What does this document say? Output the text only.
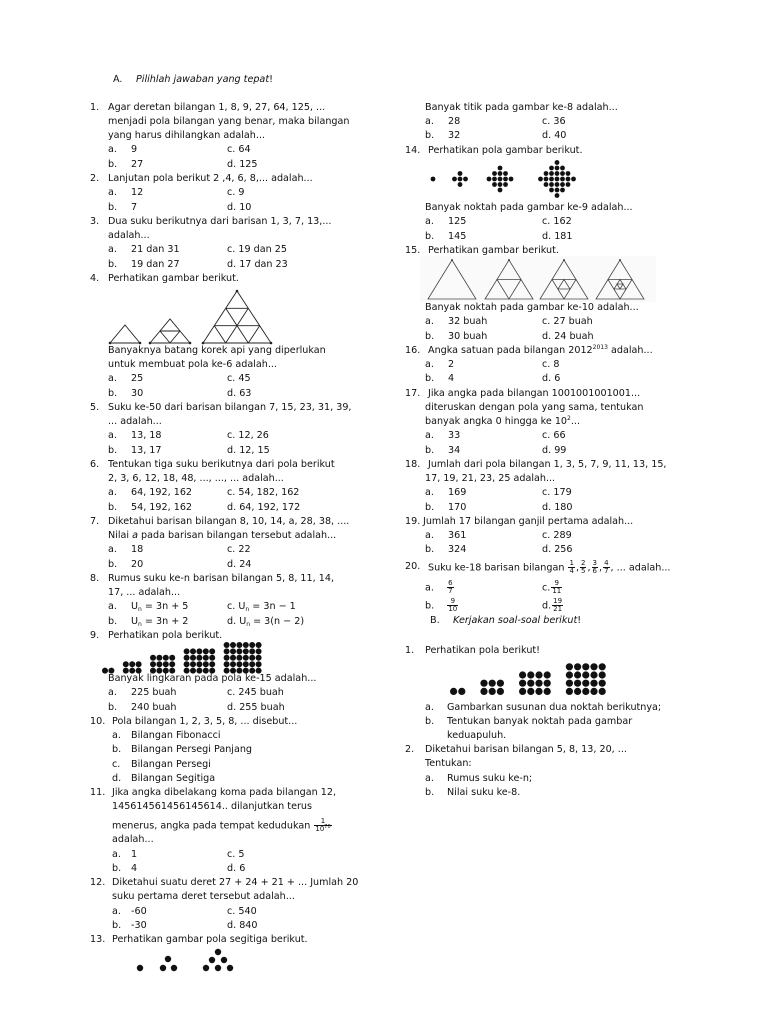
A. Pilihlah jawaban yang tepat!
1. Agar deretan bilangan 1, 8, 9, 27, 64, 125, ...
menjadi pola bilangan yang benar, maka bilangan
yang harus dihilangkan adalah...
a. 9	c. 64
b. 27	d. 125
2. Lanjutan pola berikut 2 ,4, 6, 8,... adalah...
a. 12	c. 9
b. 7	d. 10
3. Dua suku berikutnya dari barisan 1, 3, 7, 13,...
adalah...
a. 21 dan 31	c. 19 dan 25
b. 19 dan 27	d. 17 dan 23
4. Perhatikan gambar berikut.
Banyaknya batang korek api yang diperlukan
untuk membuat pola ke-6 adalah...
a. 25	c. 45
b. 30	d. 63
5. Suku ke-50 dari barisan bilangan 7, 15, 23, 31, 39,
... adalah...
a. 13, 18	c. 12, 26
b. 13, 17	d. 12, 15
6. Tentukan tiga suku berikutnya dari pola berikut
2, 3, 6, 12, 18, 48, ..., ..., ... adalah...
a. 64, 192, 162	c. 54, 182, 162
b. 54, 192, 162	d. 64, 192, 172
7. Diketahui barisan bilangan 8, 10, 14, a, 28, 38, ....
Nilai a pada barisan bilangan tersebut adalah...
a. 18	c. 22
b. 20	d. 24
8. Rumus suku ke-n barisan bilangan 5, 8, 11, 14,
17, ... adalah...
a. $U_n = 3n + 5$	c. $U_n = 3n - 1$
b. $U_n = 3n + 2$	d. $U_n = 3(n - 2)$
9. Perhatikan pola berikut.
Banyak lingkaran pada pola ke-15 adalah...
a. 225 buah	c. 245 buah
b. 240 buah	d. 255 buah
10. Pola bilangan 1, 2, 3, 5, 8, ... disebut...
a. Bilangan Fibonacci
b. Bilangan Persegi Panjang
c. Bilangan Persegi
d. Bilangan Segitiga
11. Jika angka dibelakang koma pada bilangan 12,
145614561456145614.. dilanjutkan terus
menerus, angka pada tempat kedudukan $\frac{1}{10^{70}}$
adalah...
a. 1	c. 5
b. 4	d. 6
12. Diketahui suatu deret 27 + 24 + 21 + ... Jumlah 20
suku pertama deret tersebut adalah...
a. -60	c. 540
b. -30	d. 840
13. Perhatikan gambar pola segitiga berikut.
Banyak titik pada gambar ke-8 adalah...
a. 28	c. 36
b. 32	d. 40
14. Perhatikan pola gambar berikut.
Banyak noktah pada gambar ke-9 adalah...
a. 125	c. 162
b. 145	d. 181
15. Perhatikan gambar berikut.
Banyak noktah pada gambar ke-10 adalah...
a. 32 buah	c. 27 buah
b. 30 buah	d. 24 buah
16. Angka satuan pada bilangan $2012^{2013}$ adalah...
a. 2	c. 8
b. 4	d. 6
17. Jika angka pada bilangan 1001001001001...
diteruskan dengan pola yang sama, tentukan
banyak angka 0 hingga ke $10^2$...
a. 33	c. 66
b. 34	d. 99
18. Jumlah dari pola bilangan 1, 3, 5, 7, 9, 11, 13, 15,
17, 19, 21, 23, 25 adalah...
a. 169	c. 179
b. 170	d. 180
19. Jumlah 17 bilangan ganjil pertama adalah...
a. 361	c. 289
b. 324	d. 256
20. Suku ke-18 barisan bilangan $\frac{1}{4}$ , $\frac{2}{5}$ , $\frac{3}{6}$ , $\frac{4}{7}$ , ... adalah...
a. $\frac{6}{7}$	c. $\frac{9}{11}$
b. $\frac{9}{10}$	d. $\frac{19}{21}$
B. Kerjakan soal-soal berikut!
1. Perhatikan pola berikut!
a. Gambarkan susunan dua noktah berikutnya;
b. Tentukan banyak noktah pada gambar
keduapuluh.
2. Diketahui barisan bilangan 5, 8, 13, 20, ...
Tentukan:
a. Rumus suku ke-n;
b. Nilai suku ke-8.
